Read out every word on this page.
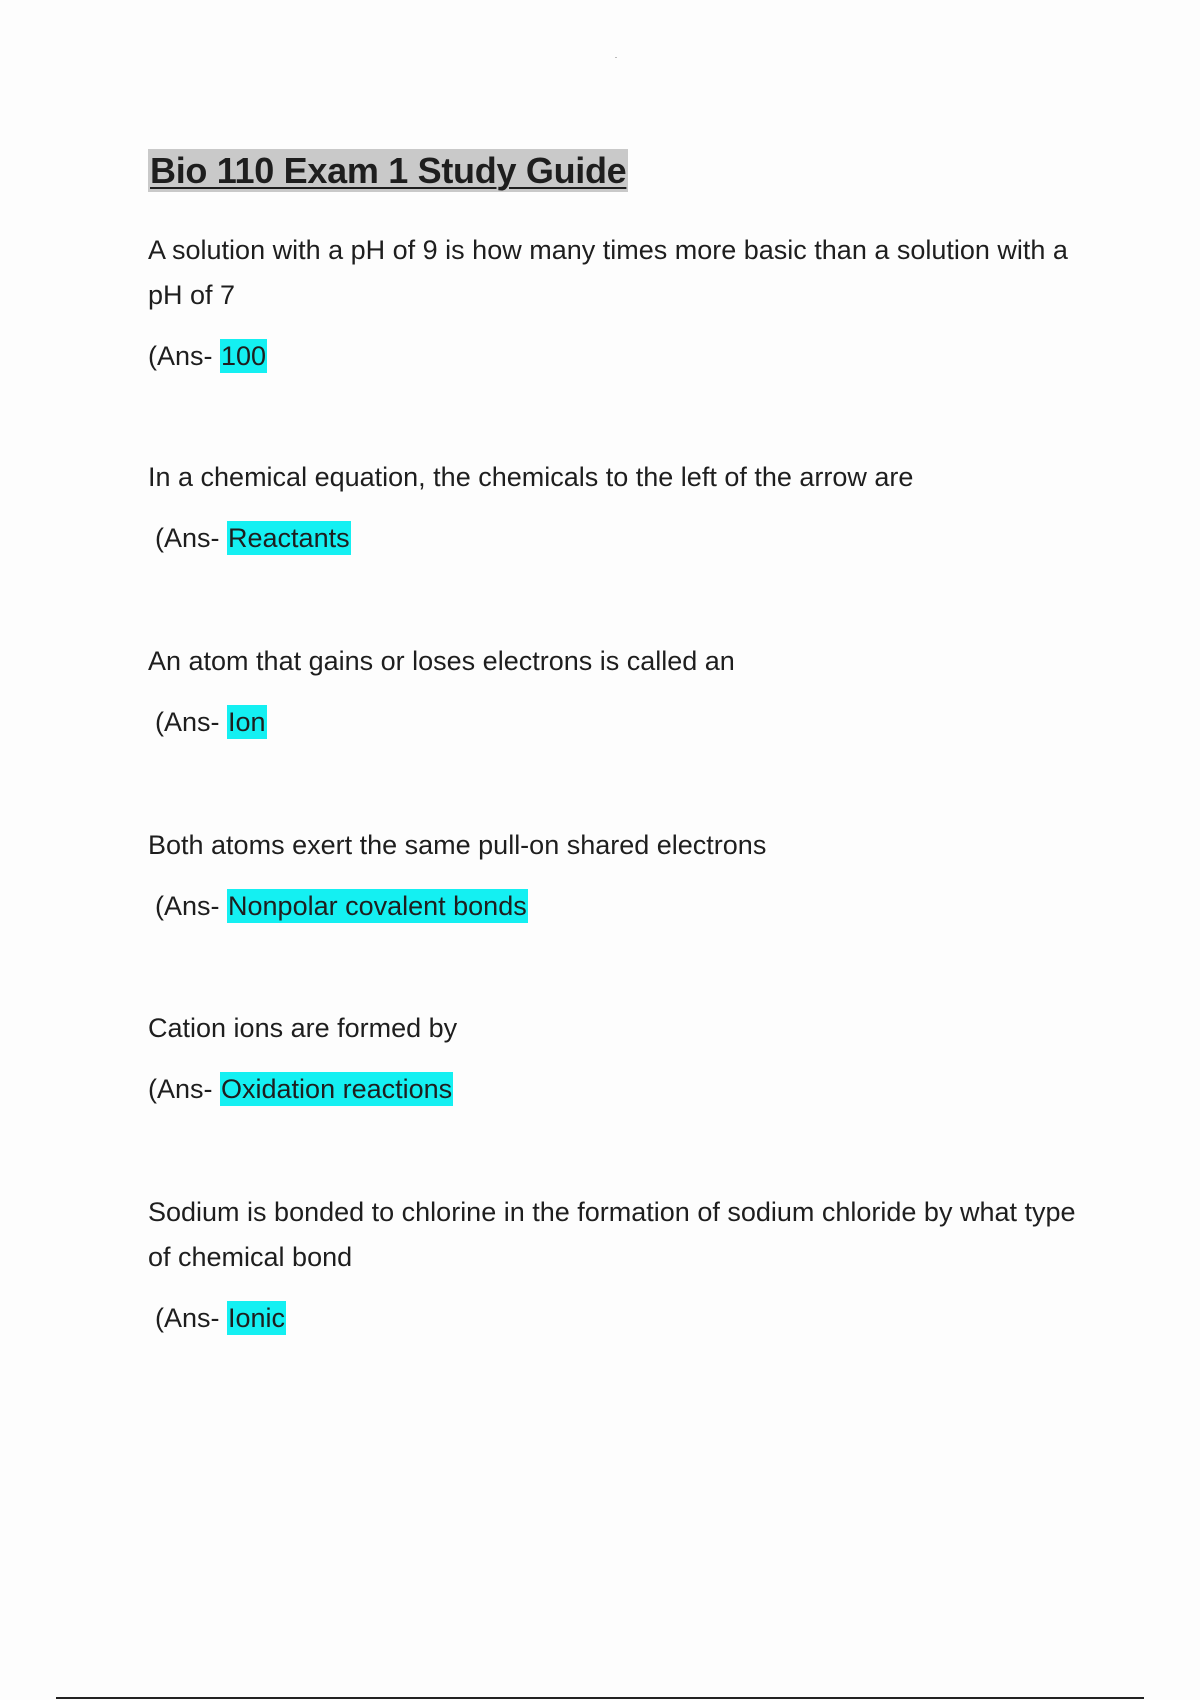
Bio 110 Exam 1 Study Guide

A solution with a pH of 9 is how many times more basic than a solution with a pH of 7

(Ans- 100

In a chemical equation, the chemicals to the left of the arrow are

(Ans- Reactants

An atom that gains or loses electrons is called an

(Ans- Ion

Both atoms exert the same pull-on shared electrons

(Ans- Nonpolar covalent bonds

Cation ions are formed by

(Ans- Oxidation reactions

Sodium is bonded to chlorine in the formation of sodium chloride by what type of chemical bond

(Ans- Ionic
